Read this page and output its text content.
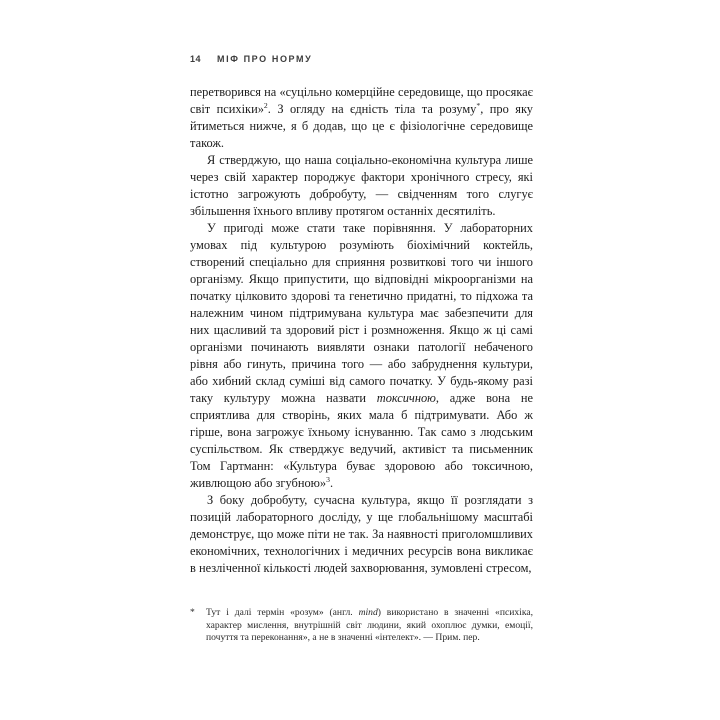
14 МІФ ПРО НОРМУ

перетворився на «суцільно комерційне середовище, що просякає світ психіки»$^2$. З огляду на єдність тіла та розуму*, про яку йтиметься нижче, я б додав, що це є фізіологічне середовище також.

Я стверджую, що наша соціально-економічна культура лише через свій характер породжує фактори хронічного стресу, які істотно загрожують добробуту, — свідченням того слугує збільшення їхнього впливу протягом останніх десятиліть.

У пригоді може стати таке порівняння. У лабораторних умовах під культурою розуміють біохімічний коктейль, створений спеціально для сприяння розвиткові того чи іншого організму. Якщо припустити, що відповідні мікроорганізми на початку цілковито здорові та генетично придатні, то підхожа та належним чином підтримувана культура має забезпечити для них щасливий та здоровий ріст і розмноження. Якщо ж ці самі організми починають виявляти ознаки патології небаченого рівня або гинуть, причина того — або забруднення культури, або хибний склад суміші від самого початку. У будь-якому разі таку культуру можна назвати токсичною, адже вона не сприятлива для створінь, яких мала б підтримувати. Або ж гірше, вона загрожує їхньому існуванню. Так само з людським суспільством. Як стверджує ведучий, активіст та письменник Том Гартманн: «Культура буває здоровою або токсичною, живлющою або згубною»$^3$.

З боку добробуту, сучасна культура, якщо її розглядати з позицій лабораторного досліду, у ще глобальнішому масштабі демонструє, що може піти не так. За наявності приголомшливих економічних, технологічних і медичних ресурсів вона викликає в незліченної кількості людей захворювання, зумовлені стресом,

* Тут і далі термін «розум» (англ. mind) використано в значенні «психіка, характер мислення, внутрішній світ людини, який охоплює думки, емоції, почуття та переконання», а не в значенні «інтелект». — Прим. пер.
